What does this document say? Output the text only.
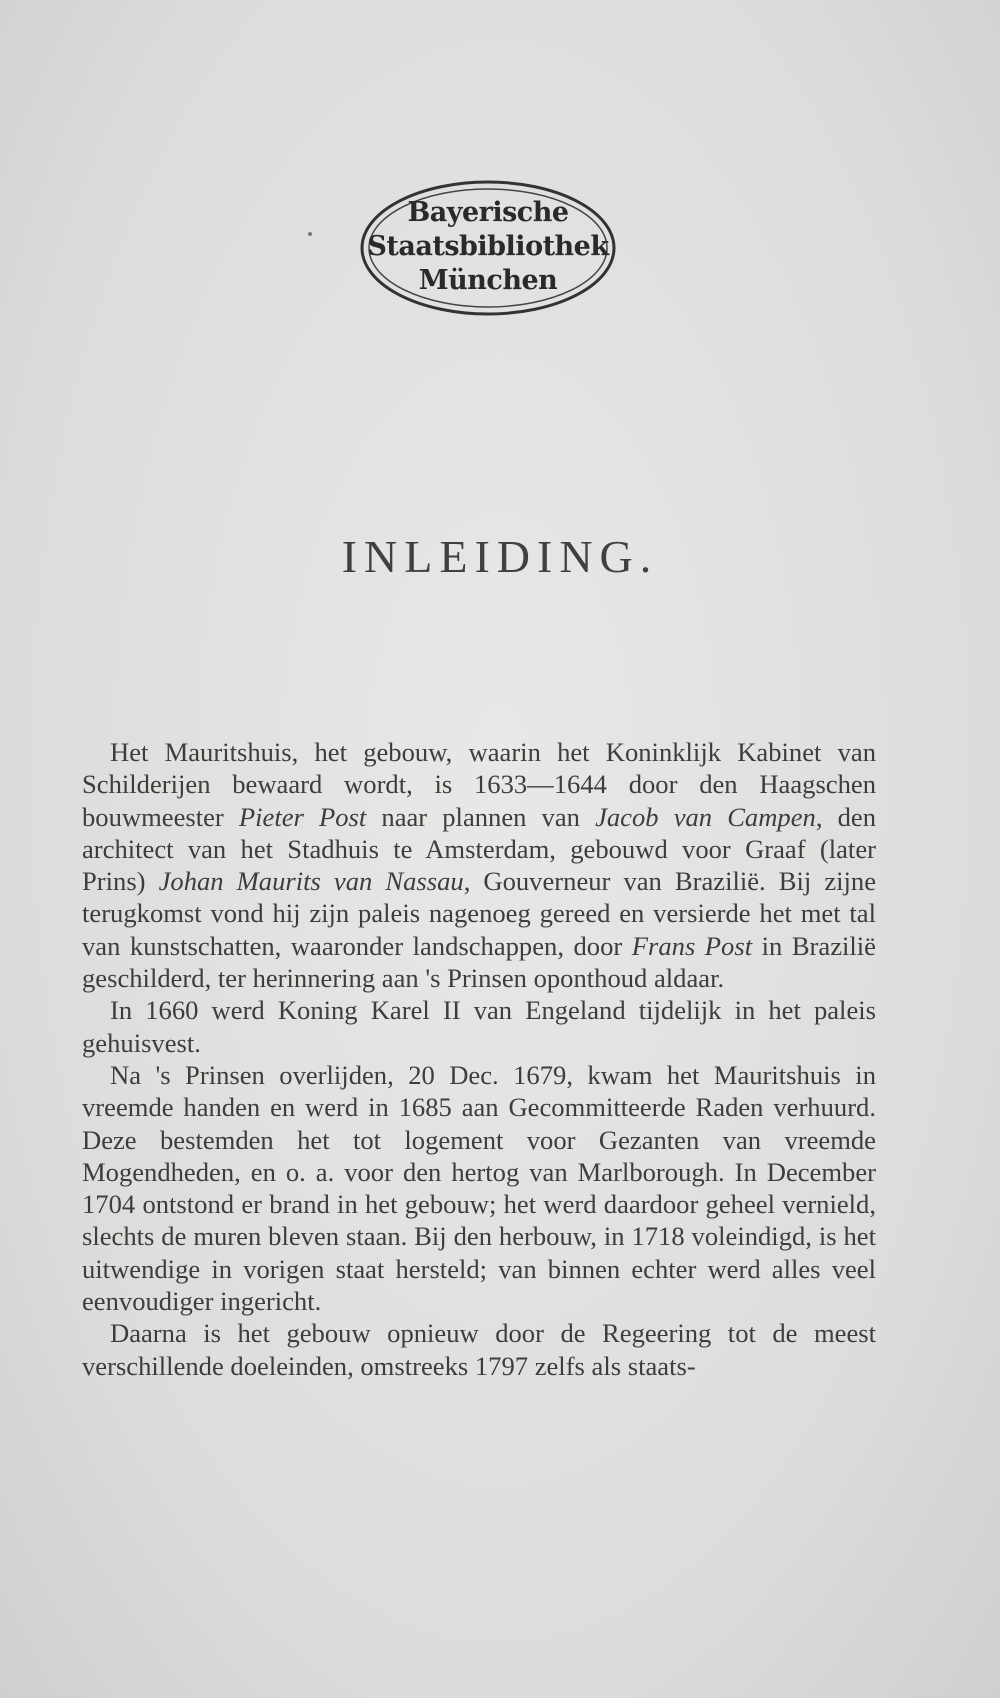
Bayerische
Staatsbibliothek
München
INLEIDING.

Het Mauritshuis, het gebouw, waarin het Koninklijk Kabinet van Schilderijen bewaard wordt, is 1633—1644 door den Haagschen bouwmeester Pieter Post naar plannen van Jacob van Campen, den architect van het Stadhuis te Amsterdam, gebouwd voor Graaf (later Prins) Johan Maurits van Nassau, Gouverneur van Brazilië. Bij zijne terugkomst vond hij zijn paleis nagenoeg gereed en versierde het met tal van kunstschatten, waaronder landschappen, door Frans Post in Brazilië geschilderd, ter herinnering aan 's Prinsen oponthoud aldaar.

In 1660 werd Koning Karel II van Engeland tijdelijk in het paleis gehuisvest.

Na 's Prinsen overlijden, 20 Dec. 1679, kwam het Mauritshuis in vreemde handen en werd in 1685 aan Gecommitteerde Raden verhuurd. Deze bestemden het tot logement voor Gezanten van vreemde Mogendheden, en o. a. voor den hertog van Marlborough. In December 1704 ontstond er brand in het gebouw; het werd daardoor geheel vernield, slechts de muren bleven staan. Bij den herbouw, in 1718 voleindigd, is het uitwendige in vorigen staat hersteld; van binnen echter werd alles veel eenvoudiger ingericht.

Daarna is het gebouw opnieuw door de Regeering tot de meest verschillende doeleinden, omstreeks 1797 zelfs als staats-
